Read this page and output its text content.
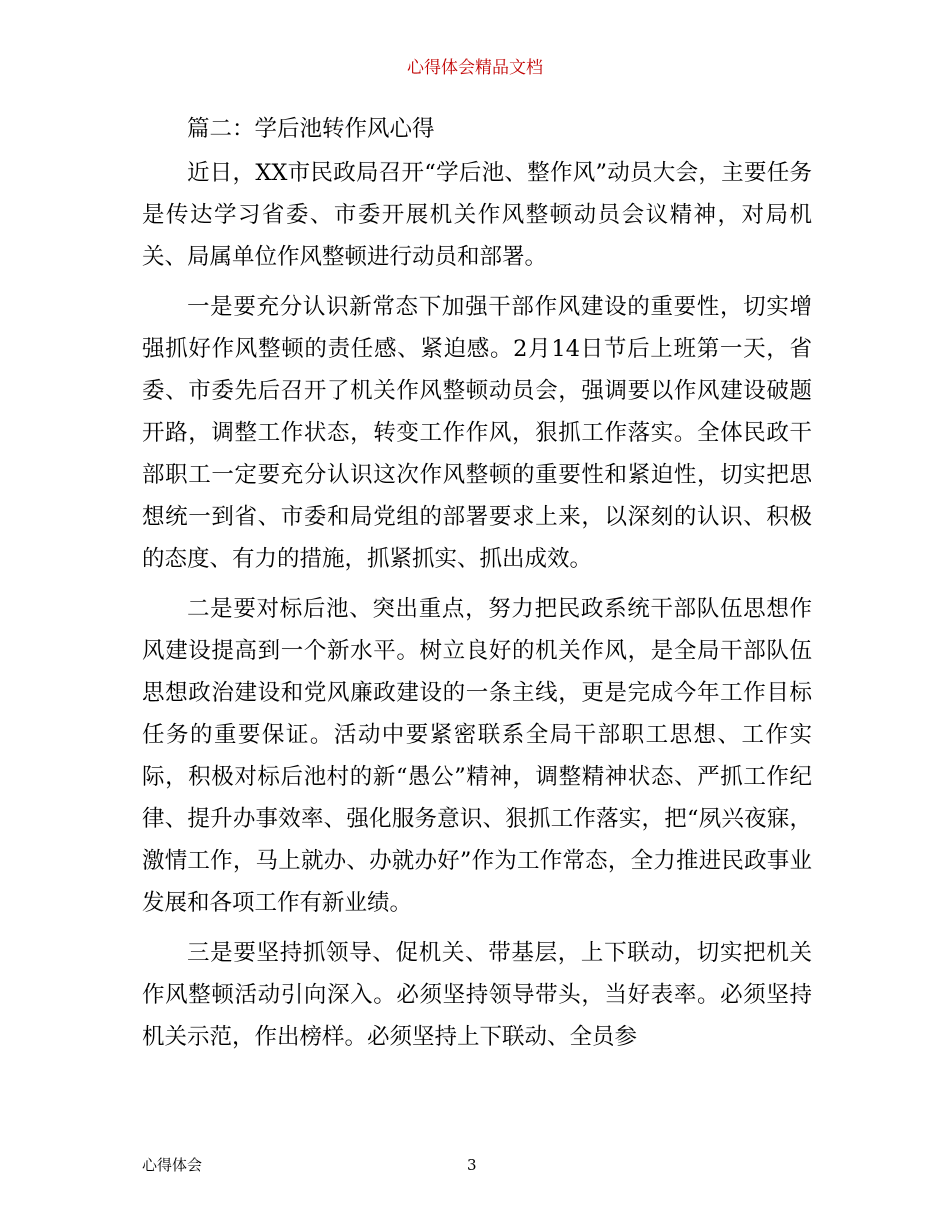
心得体会精品文档

篇二：学后池转作风心得

近日，XX市民政局召开“学后池、整作风”动员大会，主要任务是传达学习省委、市委开展机关作风整顿动员会议精神，对局机关、局属单位作风整顿进行动员和部署。

一是要充分认识新常态下加强干部作风建设的重要性，切实增强抓好作风整顿的责任感、紧迫感。2月14日节后上班第一天，省委、市委先后召开了机关作风整顿动员会，强调要以作风建设破题开路，调整工作状态，转变工作作风，狠抓工作落实。全体民政干部职工一定要充分认识这次作风整顿的重要性和紧迫性，切实把思想统一到省、市委和局党组的部署要求上来，以深刻的认识、积极的态度、有力的措施，抓紧抓实、抓出成效。

二是要对标后池、突出重点，努力把民政系统干部队伍思想作风建设提高到一个新水平。树立良好的机关作风，是全局干部队伍思想政治建设和党风廉政建设的一条主线，更是完成今年工作目标任务的重要保证。活动中要紧密联系全局干部职工思想、工作实际，积极对标后池村的新“愚公”精神，调整精神状态、严抓工作纪律、提升办事效率、强化服务意识、狠抓工作落实，把“夙兴夜寐，激情工作，马上就办、办就办好”作为工作常态，全力推进民政事业发展和各项工作有新业绩。

三是要坚持抓领导、促机关、带基层，上下联动，切实把机关作风整顿活动引向深入。必须坚持领导带头，当好表率。必须坚持机关示范，作出榜样。必须坚持上下联动、全员参

心得体会	3
